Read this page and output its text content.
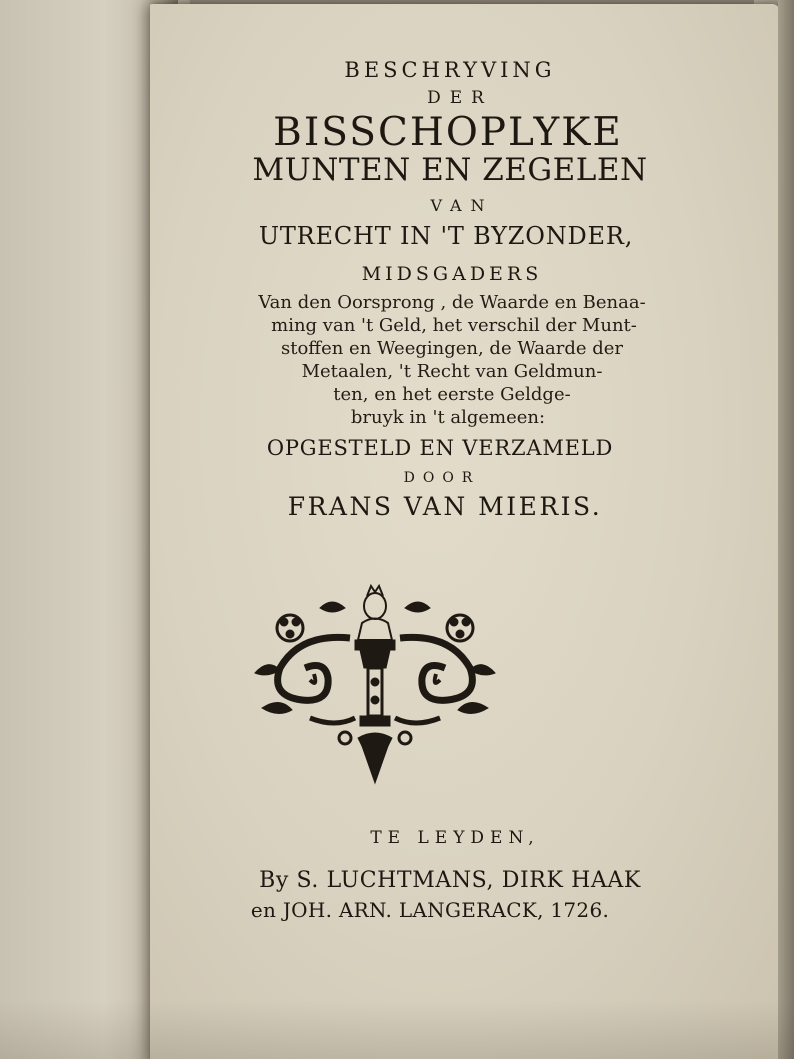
BESCHRYVING
DER
BISSCHOPLYKE
MUNTEN EN ZEGELEN
VAN
UTRECHT IN 'T BYZONDER,
MIDSGADERS
Van den Oorsprong , de Waarde en Benaa-
ming van 't Geld, het verschil der Munt-
stoffen en Weegingen, de Waarde der
Metaalen, 't Recht van Geldmun-
ten, en het eerste Geldge-
bruyk in 't algemeen:
OPGESTELD EN VERZAMELD
DOOR
FRANS VAN MIERIS.
TE LEYDEN,
By S. LUCHTMANS, DIRK HAAK
en JOH. ARN. LANGERACK, 1726.
